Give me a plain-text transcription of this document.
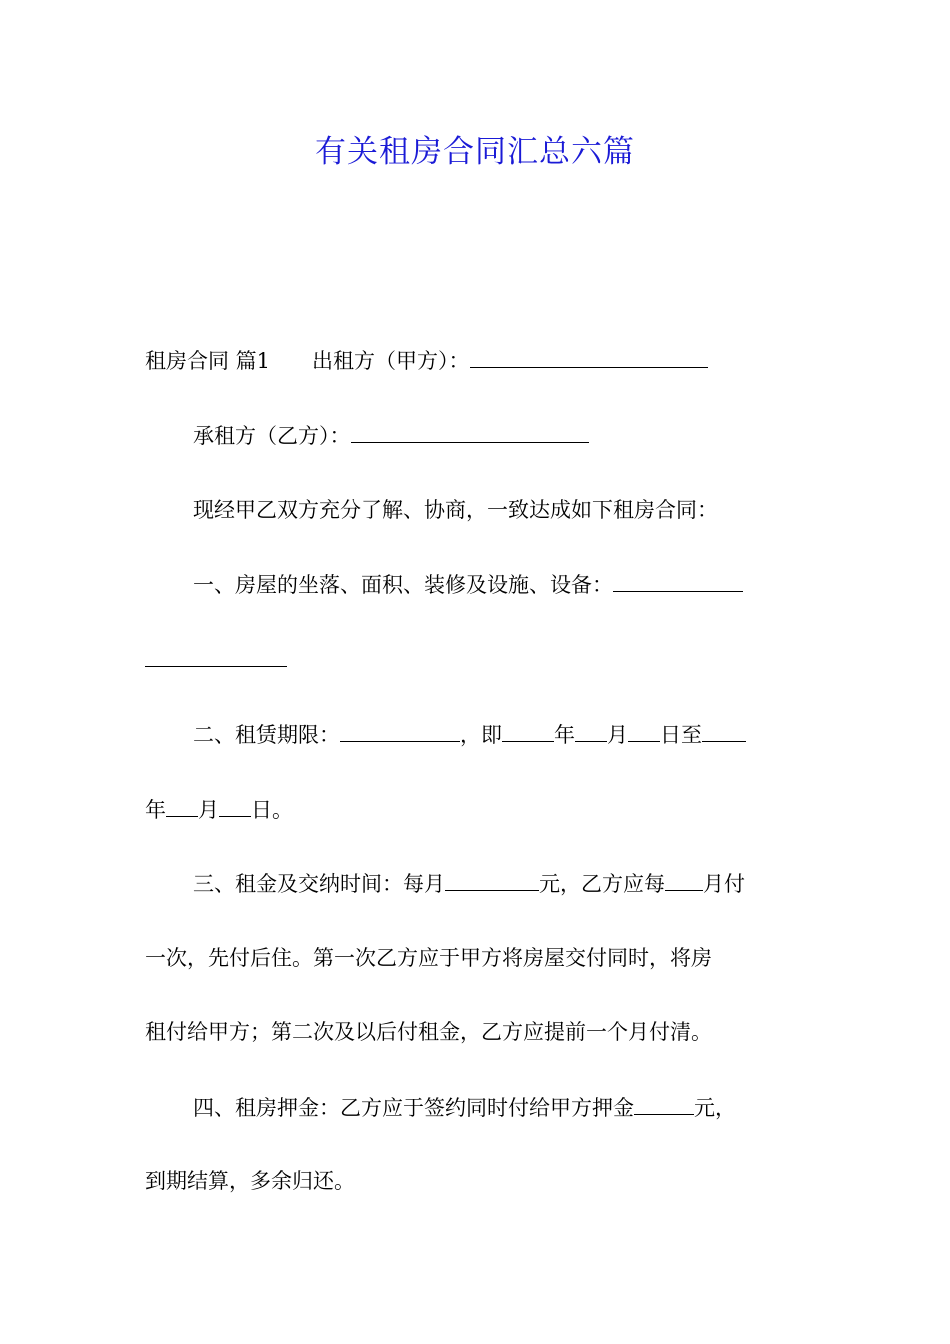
有关租房合同汇总六篇
租房合同 篇1 出租方（甲方）：
承租方（乙方）：
现经甲乙双方充分了解、协商，一致达成如下租房合同：
一、房屋的坐落、面积、装修及设施、设备：
二、租赁期限：	，即 年 月 日至
年 月 日。
三、租金及交纳时间：每月	元，乙方应每 月付
一次，先付后住。第一次乙方应于甲方将房屋交付同时，将房
租付给甲方；第二次及以后付租金，乙方应提前一个月付清。
四、租房押金：乙方应于签约同时付给甲方押金	元，
到期结算，多余归还。
